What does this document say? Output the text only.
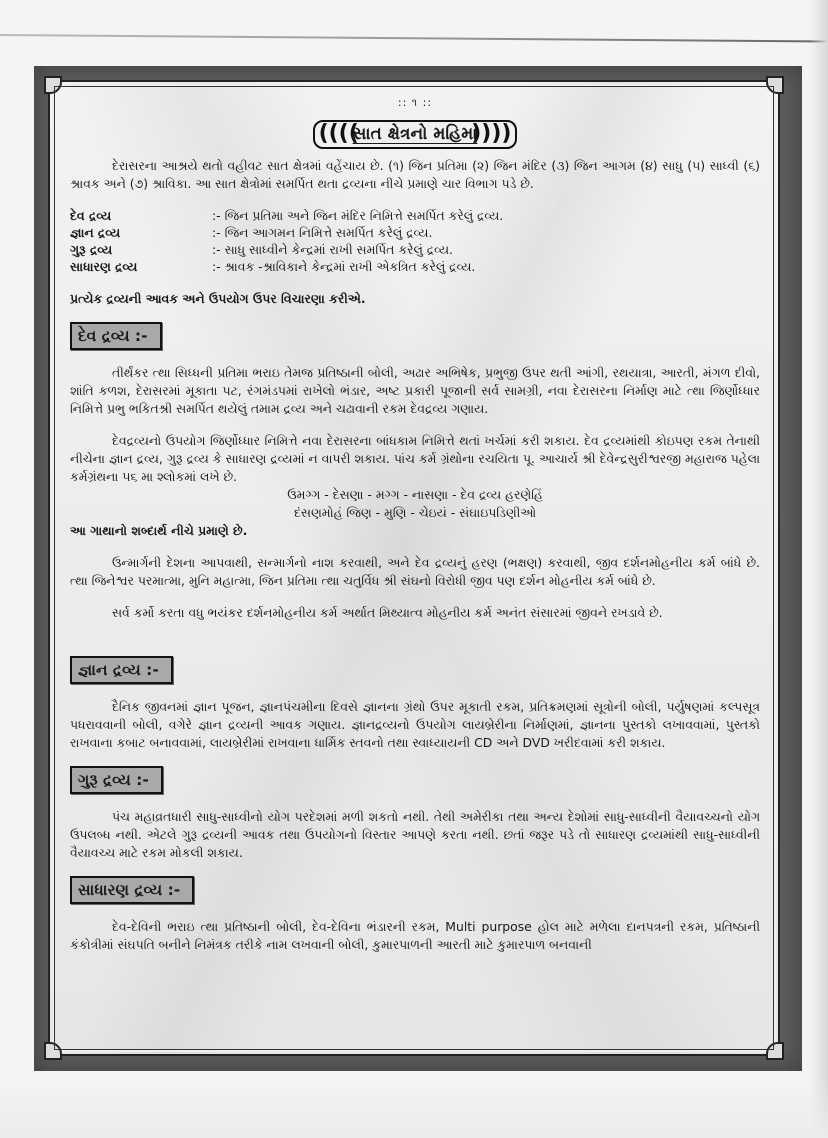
:: ૧ ::
(((( સાત ક્ષેત્રનો મહિમા ))))

દેરાસરના આશ્રયે થતો વહીવટ સાત ક્ષેત્રમાં વહેંચાય છે. (૧) જિન પ્રતિમા (૨) જિન મંદિર (૩) જિન આગમ (૪) સાધુ (૫) સાધ્વી (૬) શ્રાવક અને (૭) શ્રાવિકા. આ સાત ક્ષેત્રોમાં સમર્પિત થતા દ્રવ્યના નીચે પ્રમાણે ચાર વિભાગ પડે છે.

દેવ દ્રવ્ય	:- જિન પ્રતિમા અને જિન મંદિર નિમિત્તે સમર્પિત કરેલું દ્રવ્ય.
જ્ઞાન દ્રવ્ય	:- જિન આગમન નિમિત્તે સમર્પિત કરેલું દ્રવ્ય.
ગુરૂ દ્રવ્ય	:- સાધુ સાધ્વીને કેન્દ્રમાં રાખી સમર્પિત કરેલું દ્રવ્ય.
સાધારણ દ્રવ્ય	:- શ્રાવક -શ્રાવિકાને કેન્દ્રમાં રાખી એકત્રિત કરેલું દ્રવ્ય.

પ્રત્યેક દ્રવ્યની આવક અને ઉપયોગ ઉપર વિચારણા કરીએ.

દેવ દ્રવ્ય :-

તીર્થંકર ત્થા સિધ્ધની પ્રતિમા ભરાઇ તેમજ પ્રતિષ્ઠાની બોલી, અઢાર અભિષેક, પ્રભુજી ઉપર થતી આંગી, રથયાત્રા, આરતી, મંગળ દીવો, શાંતિ કળશ, દેરાસરમાં મૂકાતા પટ, રંગમંડપમાં રાખેલો ભંડાર, અષ્ટ પ્રકારી પૂજાની સર્વ સામગ્રી, નવા દેરાસરના નિર્માણ માટે ત્થા જિર્ણોધ્ધાર નિમિત્તે પ્રભુ ભકિતશ્રી સમર્પિત થયેલું તમામ દ્રવ્ય અને ચઢાવાની રકમ દેવદ્રવ્ય ગણાય.

દેવદ્રવ્યનો ઉપયોગ જિર્ણોધ્ધાર નિમિત્તે નવા દેરાસરના બાંધકામ નિમિત્તે થતાં ખર્ચમાં કરી શકાય. દેવ દ્રવ્યમાંથી કોઇપણ રકમ તેનાથી નીચેના જ્ઞાન દ્રવ્ય, ગુરૂ દ્રવ્ય કે સાધારણ દ્રવ્યમાં ન વાપરી શકાય. પાંચ કર્મ ગ્રંથોના રચયિતા પૂ. આચાર્ય શ્રી દેવેન્દ્રસુરીશ્વરજી મહારાજ પહેલા કર્મગ્રંથના ૫૬ મા શ્લોકમાં લખે છે.

ઉમગ્ગ - દેસણા - મગ્ગ - નાસણા - દેવ દ્રવ્ય હરણેહિં
દંસણમોહં જિણ - મુણિ - ચેઇયં - સંઘાઇપડિણીઓ

આ ગાથાનો શબ્દાર્થ નીચે પ્રમાણે છે.

ઉન્માર્ગની દેશના આપવાથી, સન્માર્ગનો નાશ કરવાથી, અને દેવ દ્રવ્યનું હરણ (ભક્ષણ) કરવાથી, જીવ દર્શનમોહનીય કર્મ બાંધે છે. ત્થા જિનેશ્વર પરમાત્મા, મુનિ મહાત્મા, જિન પ્રતિમા ત્થા ચતુર્વિધ શ્રી સંઘનો વિરોધી જીવ પણ દર્શન મોહનીય કર્મ બાંધે છે.

સર્વ કર્મો કરતા વધુ ભયંકર દર્શનમોહનીય કર્મ અર્થાત મિથ્યાત્વ મોહનીય કર્મ અનંત સંસારમાં જીવને રખડાવે છે.

જ્ઞાન દ્રવ્ય :-

દૈનિક જીવનમાં જ્ઞાન પૂજન, જ્ઞાનપંચમીના દિવસે જ્ઞાનના ગ્રંથો ઉપર મૂકાતી રકમ, પ્રતિક્રમણમાં સૂત્રોની બોલી, પર્યુષણમાં કલ્પસૂત્ર પધરાવવાની બોલી, વગેરે જ્ઞાન દ્રવ્યની આવક ગણાય. જ્ઞાનદ્રવ્યનો ઉપયોગ લાયબ્રેરીના નિર્માણમાં, જ્ઞાનના પુસ્તકો લખાવવામાં, પુસ્તકો રાખવાના કબાટ બનાવવામાં, લાયબ્રેરીમાં રાખવાના ધાર્મિક સ્તવનો તથા સ્વાધ્યાયની CD અને DVD ખરીદવામાં કરી શકાય.

ગુરૂ દ્રવ્ય :-

પંચ મહાવ્રતધારી સાધુ-સાધ્વીનો યોગ પરદેશમાં મળી શકતો નથી. તેથી અમેરીકા તથા અન્ય દેશોમાં સાધુ-સાધ્વીની વૈયાવચ્ચનો યોગ ઉપલબ્ધ નથી. એટલે ગુરૂ દ્રવ્યની આવક તથા ઉપયોગનો વિસ્તાર આપણે કરતા નથી. છતાં જરૂર પડે તો સાધારણ દ્રવ્યમાંથી સાધુ-સાધ્વીની વૈયાવચ્ચ માટે રકમ મોકલી શકાય.

સાધારણ દ્રવ્ય :-

દેવ-દેવિની ભરાઇ ત્થા પ્રતિષ્ઠાની બોલી, દેવ-દેવિના ભંડારની રકમ, Multi purpose હોલ માટે મળેલા દાનપત્રની રકમ, પ્રતિષ્ઠાની કંકોત્રીમાં સંઘપતિ બનીને નિમંત્રક તરીકે નામ લખવાની બોલી, કુમારપાળની આરતી માટે કુમારપાળ બનવાની
